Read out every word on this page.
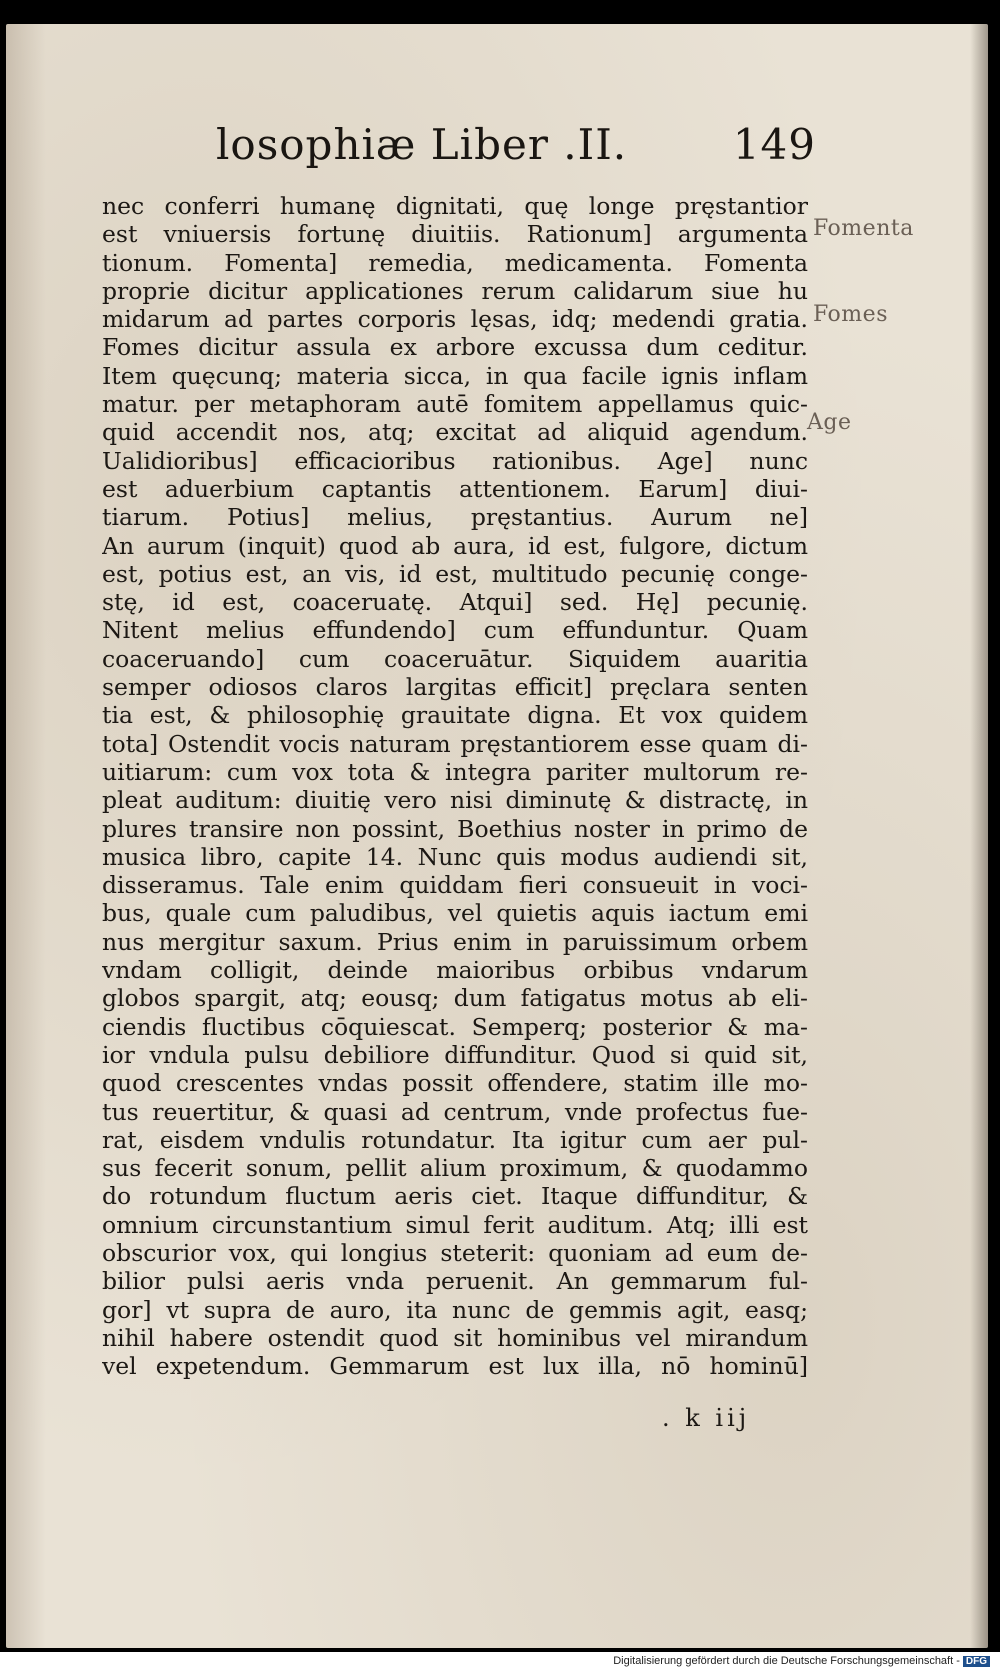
losophiæ Liber .II.	149
nec conferri humanę dignitati, quę longe pręstantior
est vniuersis fortunę diuitiis. Rationum] argumenta
tionum. Fomenta] remedia, medicamenta. Fomenta
proprie dicitur applicationes rerum calidarum siue hu
midarum ad partes corporis lęsas, idq; medendi gratia.
Fomes dicitur assula ex arbore excussa dum ceditur.
Item quęcunq; materia sicca, in qua facile ignis inflam
matur. per metaphoram autē fomitem appellamus quic-
quid accendit nos, atq; excitat ad aliquid agendum.
Ualidioribus] efficacioribus rationibus. Age] nunc
est aduerbium captantis attentionem. Earum] diui-
tiarum. Potius] melius, pręstantius. Aurum ne]
An aurum (inquit) quod ab aura, id est, fulgore, dictum
est, potius est, an vis, id est, multitudo pecunię conge-
stę, id est, coaceruatę. Atqui] sed. Hę] pecunię.
Nitent melius effundendo] cum effunduntur. Quam
coaceruando] cum coaceruātur. Siquidem auaritia
semper odiosos claros largitas efficit] pręclara senten
tia est, & philosophię grauitate digna. Et vox quidem
tota] Ostendit vocis naturam pręstantiorem esse quam di-
uitiarum: cum vox tota & integra pariter multorum re-
pleat auditum: diuitię vero nisi diminutę & distractę, in
plures transire non possint, Boethius noster in primo de
musica libro, capite 14. Nunc quis modus audiendi sit,
disseramus. Tale enim quiddam fieri consueuit in voci-
bus, quale cum paludibus, vel quietis aquis iactum emi
nus mergitur saxum. Prius enim in paruissimum orbem
vndam colligit, deinde maioribus orbibus vndarum
globos spargit, atq; eousq; dum fatigatus motus ab eli-
ciendis fluctibus cōquiescat. Semperq; posterior & ma-
ior vndula pulsu debiliore diffunditur. Quod si quid sit,
quod crescentes vndas possit offendere, statim ille mo-
tus reuertitur, & quasi ad centrum, vnde profectus fue-
rat, eisdem vndulis rotundatur. Ita igitur cum aer pul-
sus fecerit sonum, pellit alium proximum, & quodammo
do rotundum fluctum aeris ciet. Itaque diffunditur, &
omnium circunstantium simul ferit auditum. Atq; illi est
obscurior vox, qui longius steterit: quoniam ad eum de-
bilior pulsi aeris vnda peruenit. An gemmarum ful-
gor] vt supra de auro, ita nunc de gemmis agit, easq;
nihil habere ostendit quod sit hominibus vel mirandum
vel expetendum. Gemmarum est lux illa, nō hominū]
Fomenta
Fomes
Age
. k iij
Digitalisierung gefördert durch die Deutsche Forschungsgemeinschaft - DFG
